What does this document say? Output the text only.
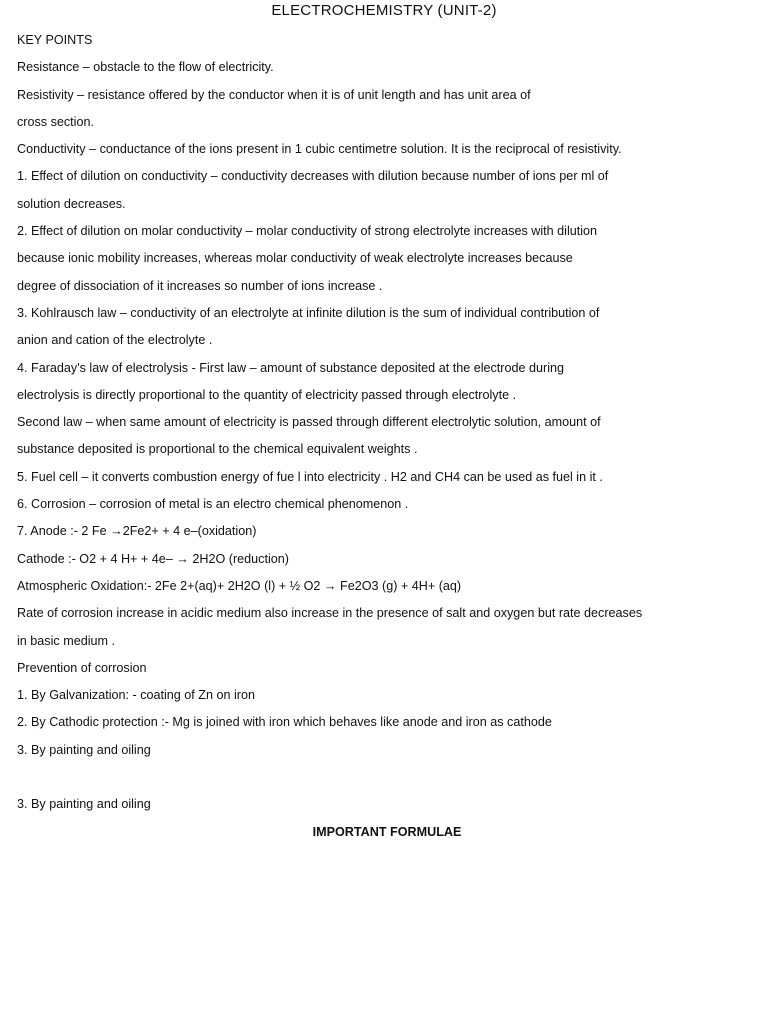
ELECTROCHEMISTRY (UNIT-2)
KEY POINTS
Resistance – obstacle to the flow of electricity.
Resistivity – resistance offered by the conductor when it is of unit length and has unit area of
cross section.
Conductivity – conductance of the ions present in 1 cubic centimetre solution. It is the reciprocal of resistivity.
1. Effect of dilution on conductivity – conductivity decreases with dilution because number of ions per ml of
solution decreases.
2. Effect of dilution on molar conductivity – molar conductivity of strong electrolyte increases with dilution
because ionic mobility increases, whereas molar conductivity of weak electrolyte increases because
degree of dissociation of it increases so number of ions increase .
3. Kohlrausch law – conductivity of an electrolyte at infinite dilution is the sum of individual contribution of
anion and cation of the electrolyte .
4. Faraday's law of electrolysis - First law – amount of substance deposited at the electrode during
electrolysis is directly proportional to the quantity of electricity passed through electrolyte .
Second law – when same amount of electricity is passed through different electrolytic solution, amount of
substance deposited is proportional to the chemical equivalent weights .
5. Fuel cell – it converts combustion energy of fue l into electricity . H2 and CH4 can be used as fuel in it .
6. Corrosion – corrosion of metal is an electro chemical phenomenon .
7. Anode :- 2 Fe →2Fe2+ + 4 e–(oxidation)
Cathode :- O2 + 4 H+ + 4e– → 2H2O (reduction)
Atmospheric Oxidation:- 2Fe 2+(aq)+ 2H2O (l) + ½ O2 → Fe2O3 (g) + 4H+ (aq)
Rate of corrosion increase in acidic medium also increase in the presence of salt and oxygen but rate decreases
in basic medium .
Prevention of corrosion
1. By Galvanization: - coating of Zn on iron
2. By Cathodic protection :- Mg is joined with iron which behaves like anode and iron as cathode
3. By painting and oiling
3. By painting and oiling
IMPORTANT FORMULAE
